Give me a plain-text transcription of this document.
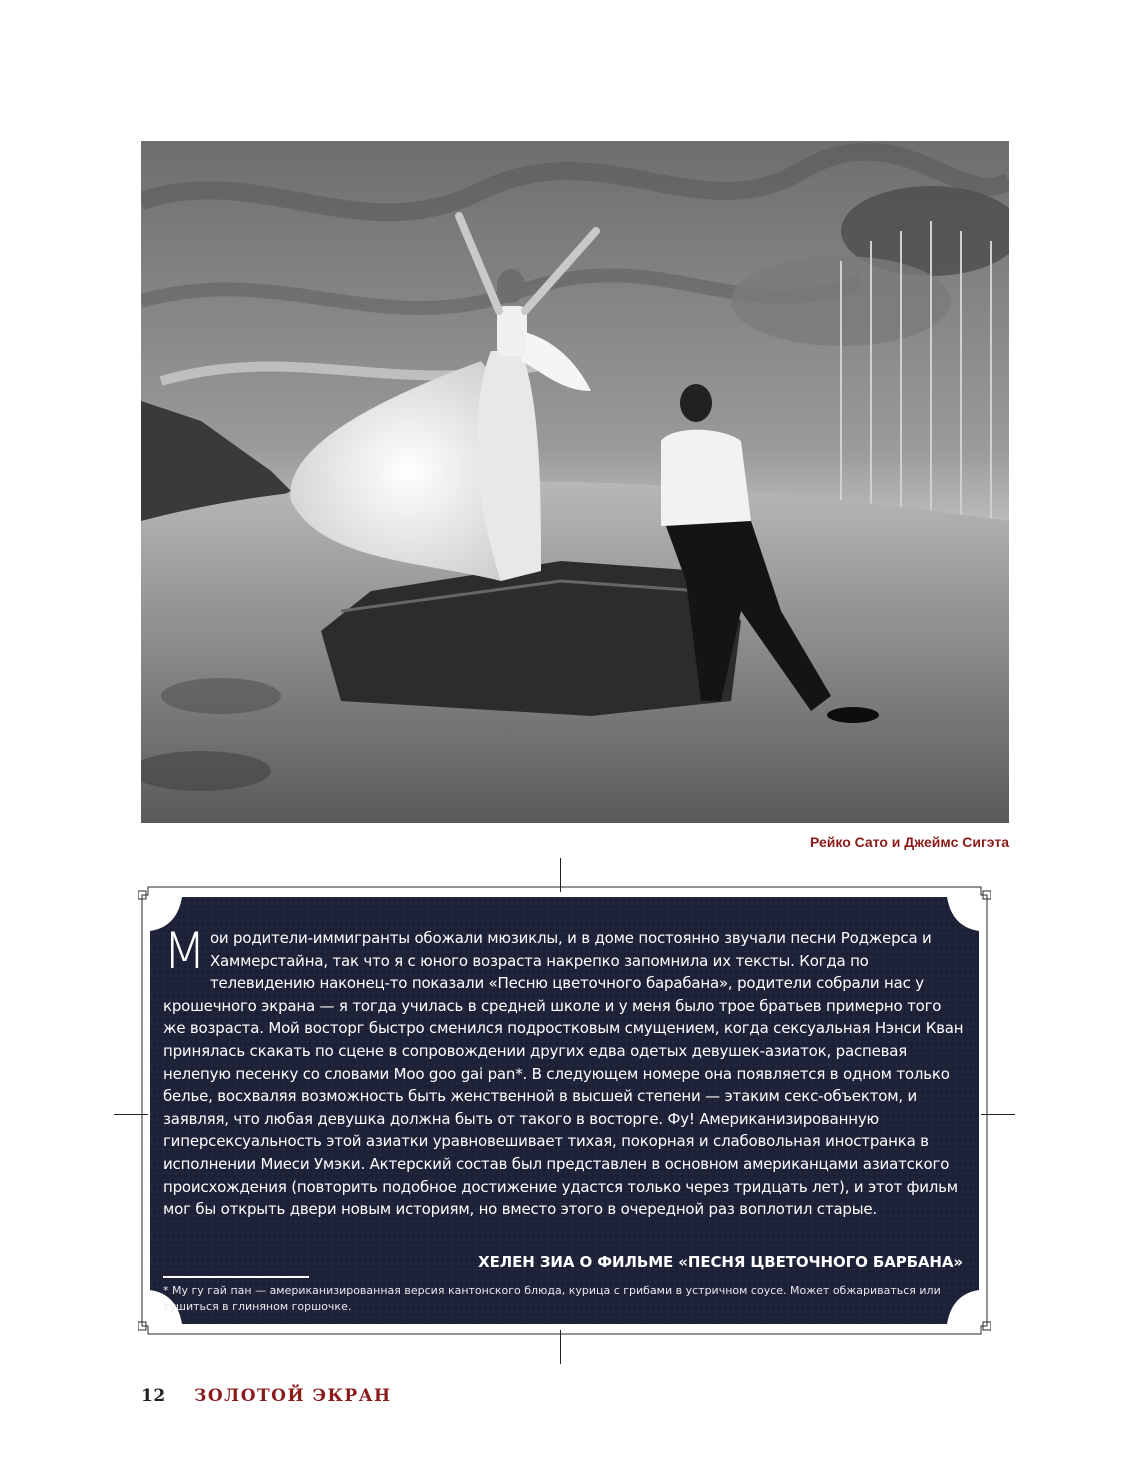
Рейко Сато и Джеймс Сигэта
М ои родители-иммигранты обожали мюзиклы, и в доме постоянно звучали песни Роджерса и Хаммерстайна, так что я с юного возраста накрепко запомнила их тексты. Когда по телевидению наконец-то показали «Песню цветочного барабана», родители собрали нас у крошечного экрана — я тогда училась в средней школе и у меня было трое братьев примерно того же возраста. Мой восторг быстро сменился подростковым смущением, когда сексуальная Нэнси Кван принялась скакать по сцене в сопровождении других едва одетых девушек-азиаток, распевая нелепую песенку со словами Moo goo gai pan*. В следующем номере она появляется в одном только белье, восхваляя возможность быть женственной в высшей степени — этаким секс-объектом, и заявляя, что любая девушка должна быть от такого в восторге. Фу! Американизированную гиперсексуальность этой азиатки уравновешивает тихая, покорная и слабовольная иностранка в исполнении Миеси Умэки. Актерский состав был представлен в основном американцами азиатского происхождения (повторить подобное достижение удастся только через тридцать лет), и этот фильм мог бы открыть двери новым историям, но вместо этого в очередной раз воплотил старые.

ХЕЛЕН ЗИА О ФИЛЬМЕ «ПЕСНЯ ЦВЕТОЧНОГО БАРБАНА»
* Му гу гай пан — американизированная версия кантонского блюда, курица с грибами в устричном соусе. Может обжариваться или тушиться в глиняном горшочке.
12 ЗОЛОТОЙ ЭКРАН
